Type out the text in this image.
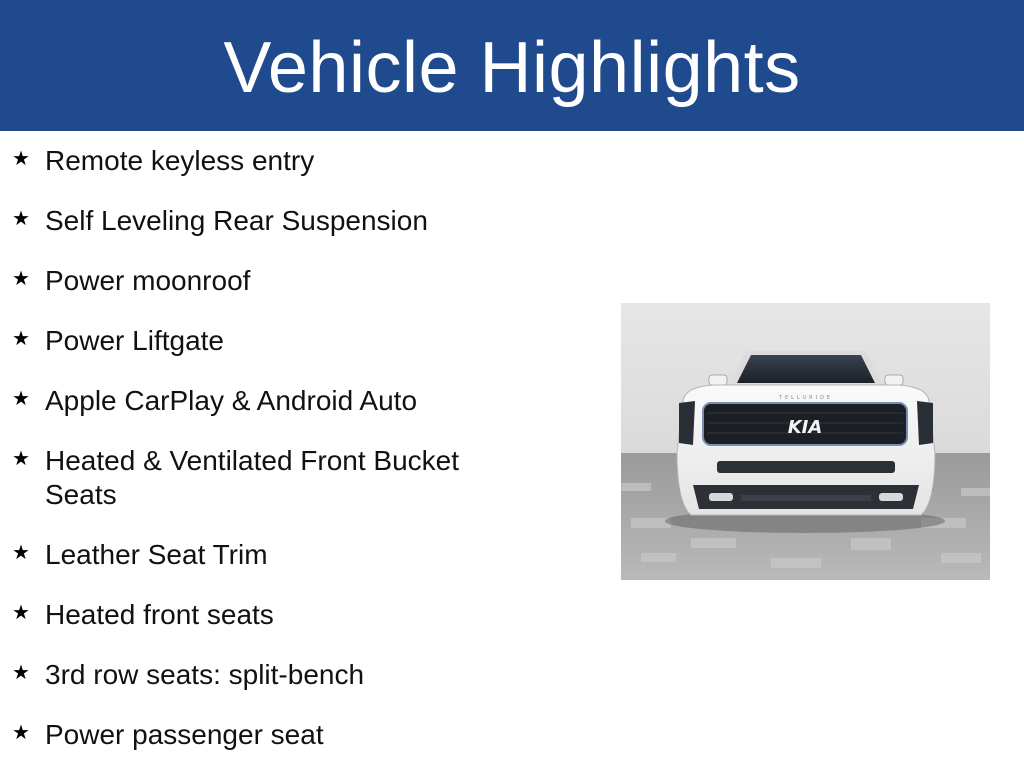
Vehicle Highlights
★ Remote keyless entry
★ Self Leveling Rear Suspension
★ Power moonroof
★ Power Liftgate
★ Apple CarPlay & Android Auto
★ Heated & Ventilated Front Bucket Seats
★ Leather Seat Trim
★ Heated front seats
★ 3rd row seats: split-bench
★ Power passenger seat
TELLURIDE
KIA
